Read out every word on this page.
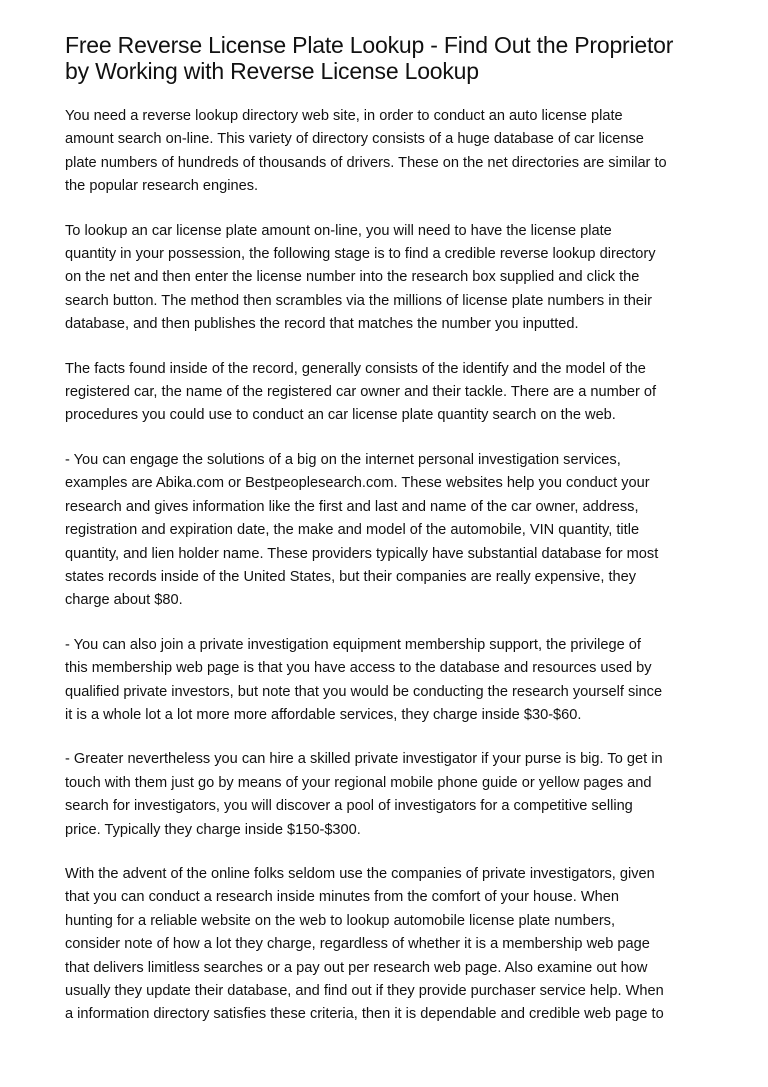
Free Reverse License Plate Lookup - Find Out the Proprietor
by Working with Reverse License Lookup

You need a reverse lookup directory web site, in order to conduct an auto license plate
amount search on-line. This variety of directory consists of a huge database of car license
plate numbers of hundreds of thousands of drivers. These on the net directories are similar to
the popular research engines.

To lookup an car license plate amount on-line, you will need to have the license plate
quantity in your possession, the following stage is to find a credible reverse lookup directory
on the net and then enter the license number into the research box supplied and click the
search button. The method then scrambles via the millions of license plate numbers in their
database, and then publishes the record that matches the number you inputted.

The facts found inside of the record, generally consists of the identify and the model of the
registered car, the name of the registered car owner and their tackle. There are a number of
procedures you could use to conduct an car license plate quantity search on the web.

- You can engage the solutions of a big on the internet personal investigation services,
examples are Abika.com or Bestpeoplesearch.com. These websites help you conduct your
research and gives information like the first and last and name of the car owner, address,
registration and expiration date, the make and model of the automobile, VIN quantity, title
quantity, and lien holder name. These providers typically have substantial database for most
states records inside of the United States, but their companies are really expensive, they
charge about $80.

- You can also join a private investigation equipment membership support, the privilege of
this membership web page is that you have access to the database and resources used by
qualified private investors, but note that you would be conducting the research yourself since
it is a whole lot a lot more more affordable services, they charge inside $30-$60.

- Greater nevertheless you can hire a skilled private investigator if your purse is big. To get in
touch with them just go by means of your regional mobile phone guide or yellow pages and
search for investigators, you will discover a pool of investigators for a competitive selling
price. Typically they charge inside $150-$300.

With the advent of the online folks seldom use the companies of private investigators, given
that you can conduct a research inside minutes from the comfort of your house. When
hunting for a reliable website on the web to lookup automobile license plate numbers,
consider note of how a lot they charge, regardless of whether it is a membership web page
that delivers limitless searches or a pay out per research web page. Also examine out how
usually they update their database, and find out if they provide purchaser service help. When
a information directory satisfies these criteria, then it is dependable and credible web page to
